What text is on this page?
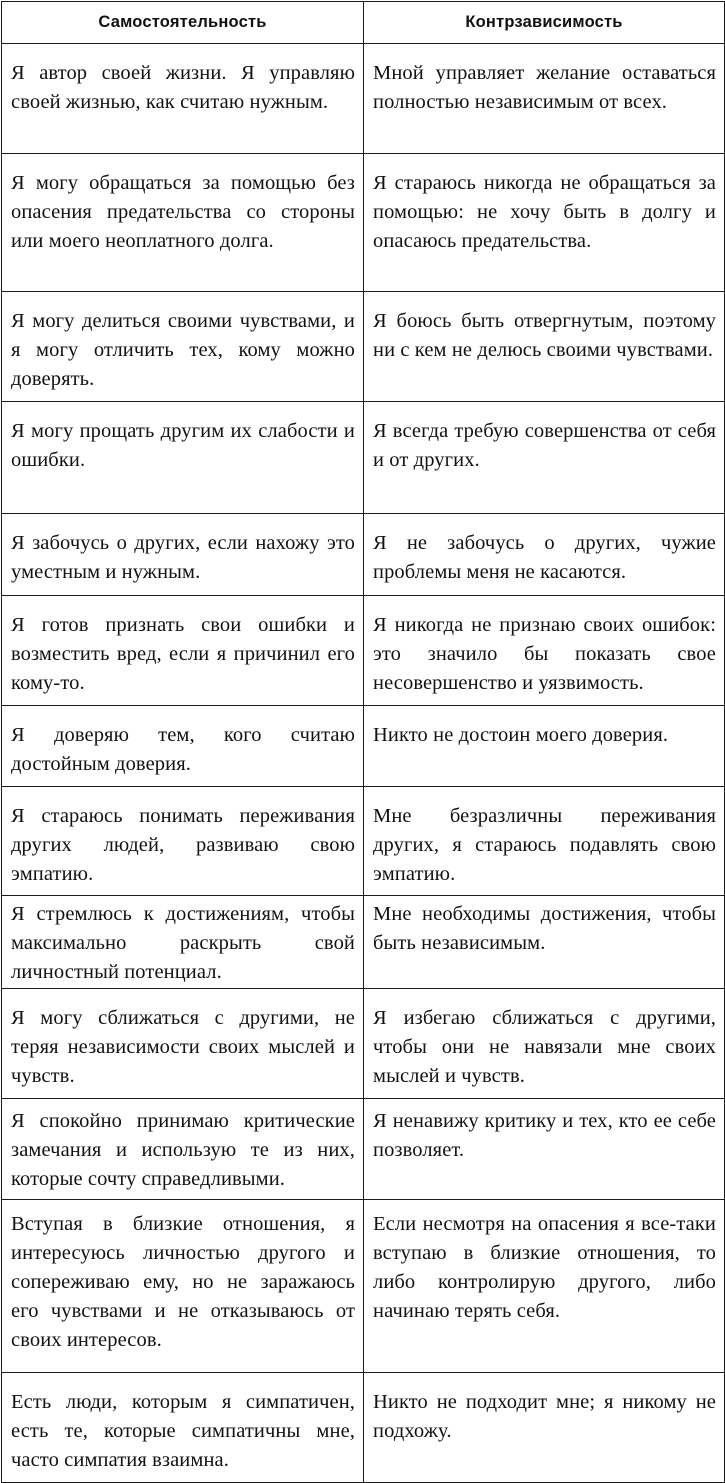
Самостоятельность	Контрзависимость
Я автор своей жизни. Я управляю своей жизнью, как считаю нужным.	Мной управляет желание оставаться полностью независимым от всех.
Я могу обращаться за помощью без опасения предательства со стороны или моего неоплатного долга.	Я стараюсь никогда не обращаться за помощью: не хочу быть в долгу и опасаюсь предательства.
Я могу делиться своими чувствами, и я могу отличить тех, кому можно доверять.	Я боюсь быть отвергнутым, поэтому ни с кем не делюсь своими чувствами.
Я могу прощать другим их слабости и ошибки.	Я всегда требую совершенства от себя и от других.
Я забочусь о других, если нахожу это уместным и нужным.	Я не забочусь о других, чужие проблемы меня не касаются.
Я готов признать свои ошибки и возместить вред, если я причинил его кому-то.	Я никогда не признаю своих ошибок: это значило бы показать свое несовершенство и уязвимость.
Я доверяю тем, кого считаю достойным доверия.	Никто не достоин моего доверия.
Я стараюсь понимать переживания других людей, развиваю свою эмпатию.	Мне безразличны переживания других, я стараюсь подавлять свою эмпатию.
Я стремлюсь к достижениям, чтобы максимально раскрыть свой личностный потенциал.	Мне необходимы достижения, чтобы быть независимым.
Я могу сближаться с другими, не теряя независимости своих мыслей и чувств.	Я избегаю сближаться с другими, чтобы они не навязали мне своих мыслей и чувств.
Я спокойно принимаю критические замечания и использую те из них, которые сочту справедливыми.	Я ненавижу критику и тех, кто ее себе позволяет.
Вступая в близкие отношения, я интересуюсь личностью другого и сопереживаю ему, но не заражаюсь его чувствами и не отказываюсь от своих интересов.	Если несмотря на опасения я все-таки вступаю в близкие отношения, то либо контролирую другого, либо начинаю терять себя.
Есть люди, которым я симпатичен, есть те, которые симпатичны мне, часто симпатия взаимна.	Никто не подходит мне; я никому не подхожу.
